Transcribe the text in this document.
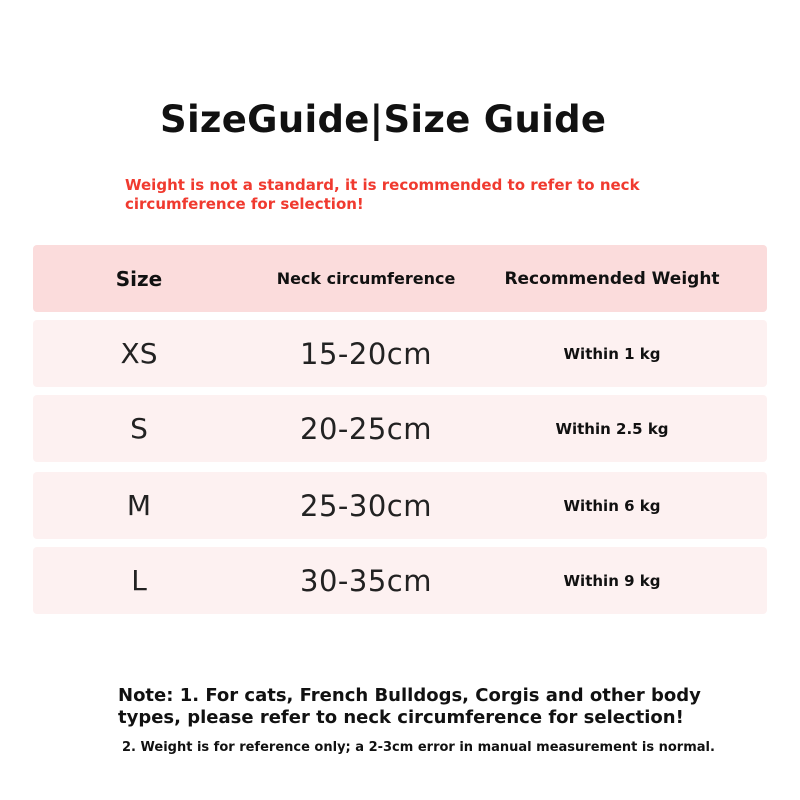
SizeGuide|Size Guide
Weight is not a standard, it is recommended to refer to neck circumference for selection!
Size	Neck circumference	Recommended Weight
XS	15-20cm	Within 1 kg
S	20-25cm	Within 2.5 kg
M	25-30cm	Within 6 kg
L	30-35cm	Within 9 kg
Note: 1. For cats, French Bulldogs, Corgis and other body types, please refer to neck circumference for selection!
2. Weight is for reference only; a 2-3cm error in manual measurement is normal.
